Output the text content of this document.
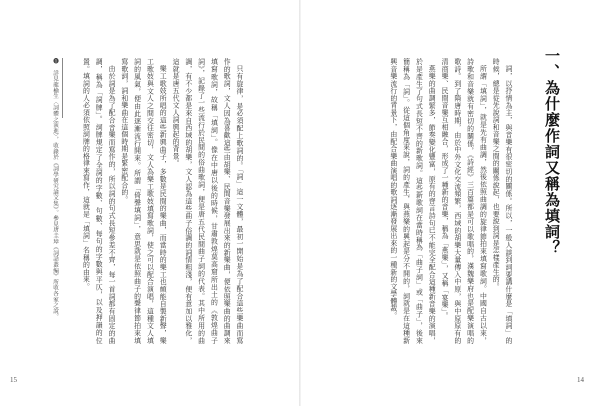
只有旋律，是必須配上歌詞的。「詞」這一文體，最初一開始是為了配合這些樂曲而寫作的歌詞，文人因為喜歡這些由胡樂、民間音樂發展出來的新樂曲，便依照樂曲的曲調來填寫歌詞，故稱「填詞」。像在中唐以後的時候，甘肅敦煌莫高窟所出土的《敦煌曲子詞》，記錄了一些流行於民間的俗曲歌詞，便是唐五代民間曲子詞的代表。其中所用的曲調，有不少都是來自西域的胡樂，文人認為這些曲子俗調的詞情粗淺，便有意加以雅化，這就是唐五代文人詞興起的背景。

樂工歌妓所唱的這些新興曲子，多數是民間的樂曲，而當時的樂工也頗能自製新聲，樂工歌妓與文人之間交往密切，文人為樂工歌妓填寫歌詞，使之可以配合演唱，這種文人填詞的風氣，便由此逐漸流行開來。所謂「倚聲填詞」，意思就是依照曲子的聲律節拍來填寫歌詞，詞和樂曲在這個時期是緊密配合的。

由於詞是為了配合音樂而寫作的，所以詞的句式長短參差不齊，每一首詞都有固定的曲調，稱為「詞牌」。詞牌規定了全詞的字數、句數、每句的字數與平仄，以及押韻的位置。填詞的人必須依照詞牌的格律來寫作，這就是「填詞」名稱的由來。

❶ 詳見龍榆生〈詞體之演進〉，收錄於《詞學研究論文集》。參見唐圭璋《詞話叢編》所收各家之說。
15
一、為什麼作詞又稱為填詞？

詞，以抒情為主，與音樂有很密切的關係。所以，一般人談到詞要講什麼是「填詞」的時候，總是從先說詞和音樂之間的關係說起，也要說到詞是怎樣產生的。

所謂「填詞」，就是先有曲調，然後依照曲調的旋律節拍來填寫歌詞。中國自古以來，詩歌和音樂就有密切的關係，《詩經》三百篇都是可以歌唱的，漢魏樂府也是配樂演唱的歌詩。到了隋唐時期，由於中外文化交流頻繁，西域的胡樂大量傳入中原，與中原原有的清商樂、民間音樂互相融合，形成了一種新的音樂，稱為「燕樂」，又稱「宴樂」。

燕樂的曲調繁多，節奏變化豐富，原有的齊言詩句已不能完全配合這種新音樂的演唱，於是產生了句式長短不齊的新歌詞。這些新歌詞在當時稱為「曲子詞」或「曲子」，後來簡稱為「詞」。從這個角度來說，詞的產生，與燕樂的興起是分不開的，詞就是在這種新興音樂流行的背景下，由配合樂曲演唱的歌詞逐漸發展出來的一種新的文學體裁。

14
